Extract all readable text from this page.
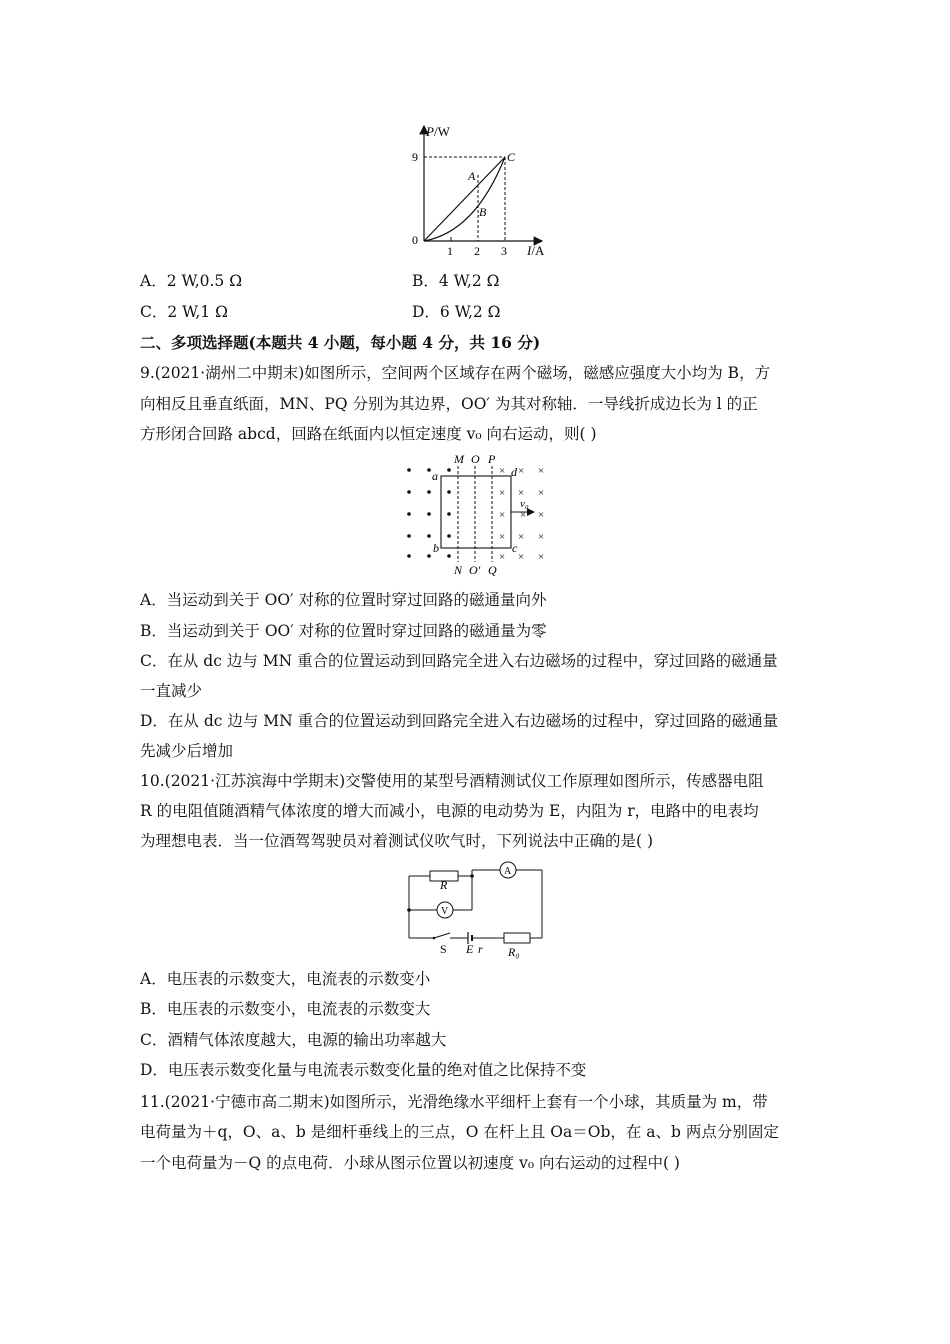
P/W
I/A
0
9
1 2 3
A
B
C
A．2 W,0.5 Ω	B．4 W,2 Ω
C．2 W,1 Ω	D．6 W,2 Ω
二、多项选择题(本题共 4 小题，每小题 4 分，共 16 分)
9.(2021·湖州二中期末)如图所示，空间两个区域存在两个磁场，磁感应强度大小均为 B，方
向相反且垂直纸面，MN、PQ 分别为其边界，OO′ 为其对称轴．一导线折成边长为 l 的正
方形闭合回路 abcd，回路在纸面内以恒定速度 v₀ 向右运动，则( )
× × ×
× × ×
× × ×
× × ×
× × ×
v₀
M O P
N O′ Q
a
b	c
d
A．当运动到关于 OO′ 对称的位置时穿过回路的磁通量向外
B．当运动到关于 OO′ 对称的位置时穿过回路的磁通量为零
C．在从 dc 边与 MN 重合的位置运动到回路完全进入右边磁场的过程中，穿过回路的磁通量
一直减少
D．在从 dc 边与 MN 重合的位置运动到回路完全进入右边磁场的过程中，穿过回路的磁通量
先减少后增加
10.(2021·江苏滨海中学期末)交警使用的某型号酒精测试仪工作原理如图所示，传感器电阻
R 的电阻值随酒精气体浓度的增大而减小，电源的电动势为 E，内阻为 r，电路中的电表均
为理想电表．当一位酒驾驾驶员对着测试仪吹气时，下列说法中正确的是( )
R
A
V
S E r R₀
A．电压表的示数变大，电流表的示数变小
B．电压表的示数变小，电流表的示数变大
C．酒精气体浓度越大，电源的输出功率越大
D．电压表示数变化量与电流表示数变化量的绝对值之比保持不变
11.(2021·宁德市高二期末)如图所示，光滑绝缘水平细杆上套有一个小球，其质量为 m，带
电荷量为＋q，O、a、b 是细杆垂线上的三点，O 在杆上且 Oa＝Ob，在 a、b 两点分别固定
一个电荷量为－Q 的点电荷．小球从图示位置以初速度 v₀ 向右运动的过程中( )
